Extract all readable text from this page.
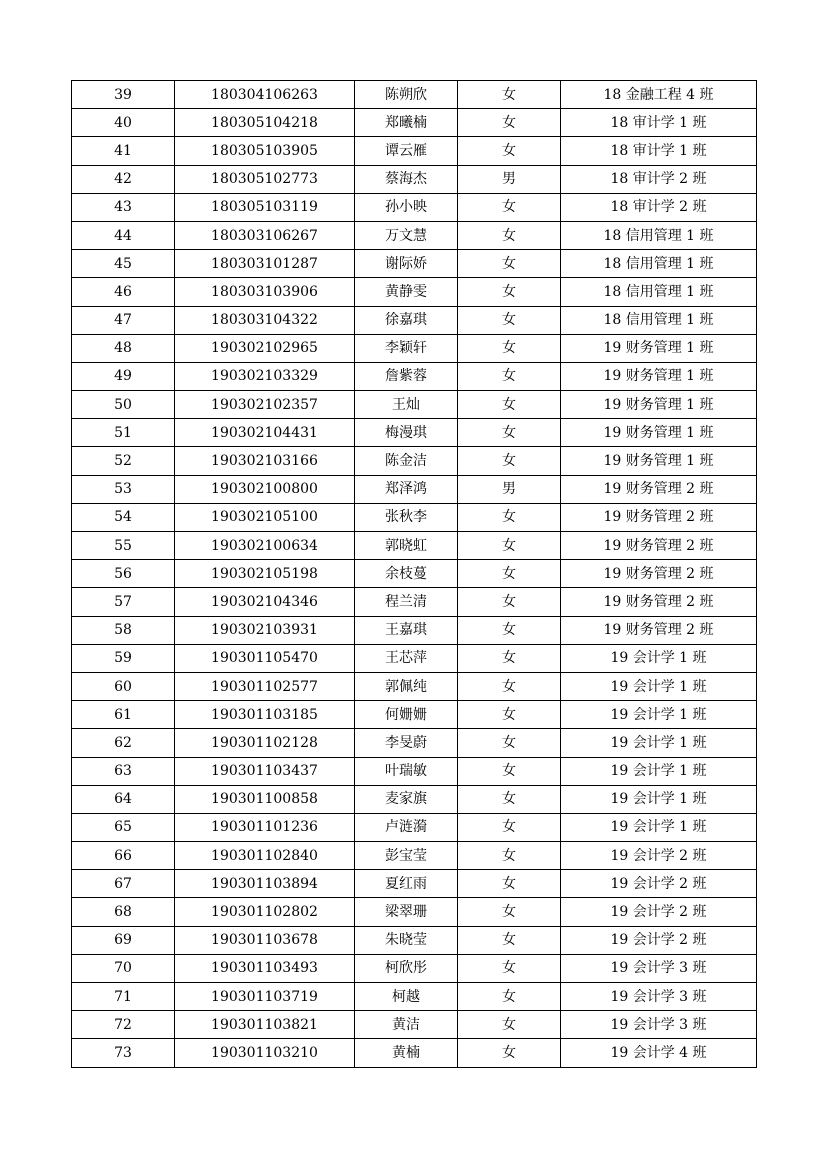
39	180304106263	陈朔欣	女	18 金融工程 4 班
40	180305104218	郑曦楠	女	18 审计学 1 班
41	180305103905	谭云雁	女	18 审计学 1 班
42	180305102773	蔡海杰	男	18 审计学 2 班
43	180305103119	孙小映	女	18 审计学 2 班
44	180303106267	万文慧	女	18 信用管理 1 班
45	180303101287	谢际娇	女	18 信用管理 1 班
46	180303103906	黄静雯	女	18 信用管理 1 班
47	180303104322	徐嘉琪	女	18 信用管理 1 班
48	190302102965	李颖轩	女	19 财务管理 1 班
49	190302103329	詹紫蓉	女	19 财务管理 1 班
50	190302102357	王灿	女	19 财务管理 1 班
51	190302104431	梅漫琪	女	19 财务管理 1 班
52	190302103166	陈金洁	女	19 财务管理 1 班
53	190302100800	郑泽鸿	男	19 财务管理 2 班
54	190302105100	张秋李	女	19 财务管理 2 班
55	190302100634	郭晓虹	女	19 财务管理 2 班
56	190302105198	余枝蔓	女	19 财务管理 2 班
57	190302104346	程兰清	女	19 财务管理 2 班
58	190302103931	王嘉琪	女	19 财务管理 2 班
59	190301105470	王芯萍	女	19 会计学 1 班
60	190301102577	郭佩纯	女	19 会计学 1 班
61	190301103185	何姗姗	女	19 会计学 1 班
62	190301102128	李旻蔚	女	19 会计学 1 班
63	190301103437	叶瑞敏	女	19 会计学 1 班
64	190301100858	麦家旗	女	19 会计学 1 班
65	190301101236	卢涟漪	女	19 会计学 1 班
66	190301102840	彭宝莹	女	19 会计学 2 班
67	190301103894	夏红雨	女	19 会计学 2 班
68	190301102802	梁翠珊	女	19 会计学 2 班
69	190301103678	朱晓莹	女	19 会计学 2 班
70	190301103493	柯欣彤	女	19 会计学 3 班
71	190301103719	柯越	女	19 会计学 3 班
72	190301103821	黄洁	女	19 会计学 3 班
73	190301103210	黄楠	女	19 会计学 4 班
